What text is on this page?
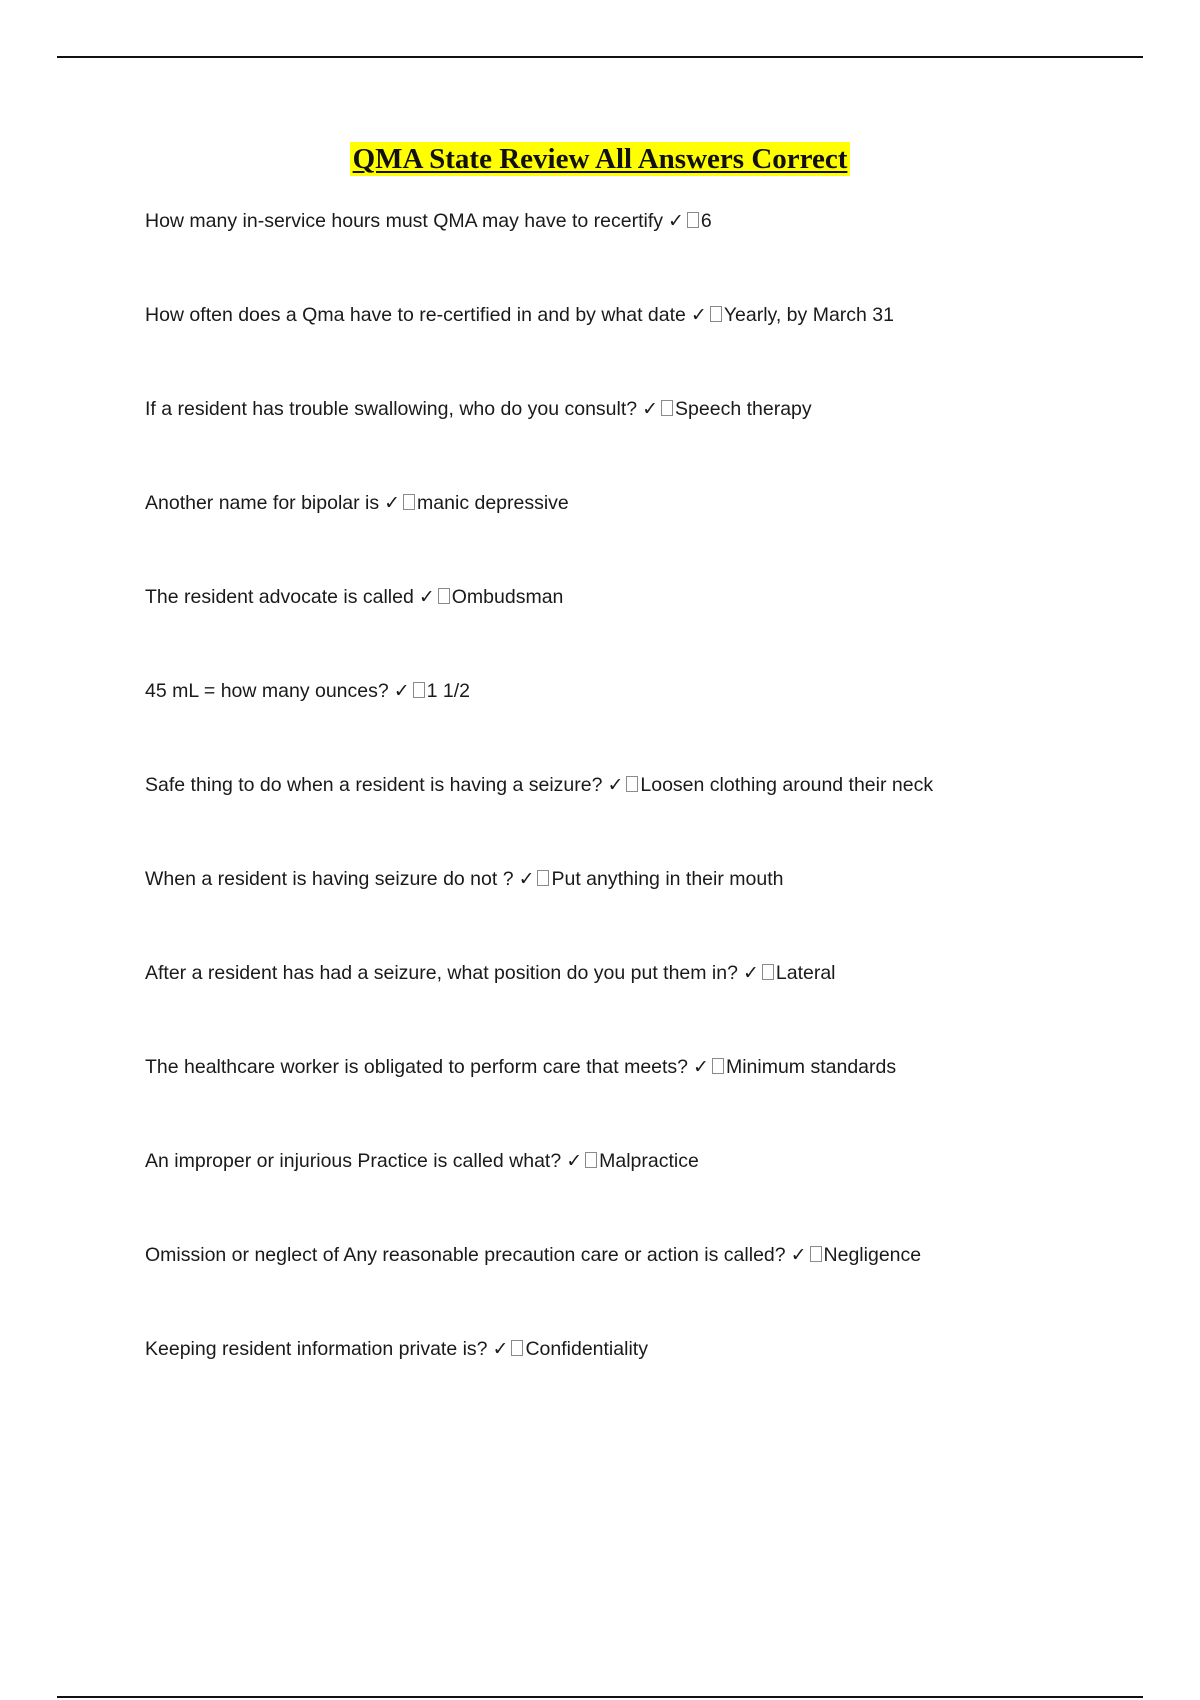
QMA State Review All Answers Correct
How many in-service hours must QMA may have to recertify ✓ 6
How often does a Qma have to re-certified in and by what date ✓ Yearly, by March 31
If a resident has trouble swallowing, who do you consult? ✓ Speech therapy
Another name for bipolar is ✓ manic depressive
The resident advocate is called ✓ Ombudsman
45 mL = how many ounces? ✓ 1 1/2
Safe thing to do when a resident is having a seizure? ✓ Loosen clothing around their neck
When a resident is having seizure do not ? ✓ Put anything in their mouth
After a resident has had a seizure, what position do you put them in? ✓ Lateral
The healthcare worker is obligated to perform care that meets? ✓ Minimum standards
An improper or injurious Practice is called what? ✓ Malpractice
Omission or neglect of Any reasonable precaution care or action is called? ✓ Negligence
Keeping resident information private is? ✓ Confidentiality
